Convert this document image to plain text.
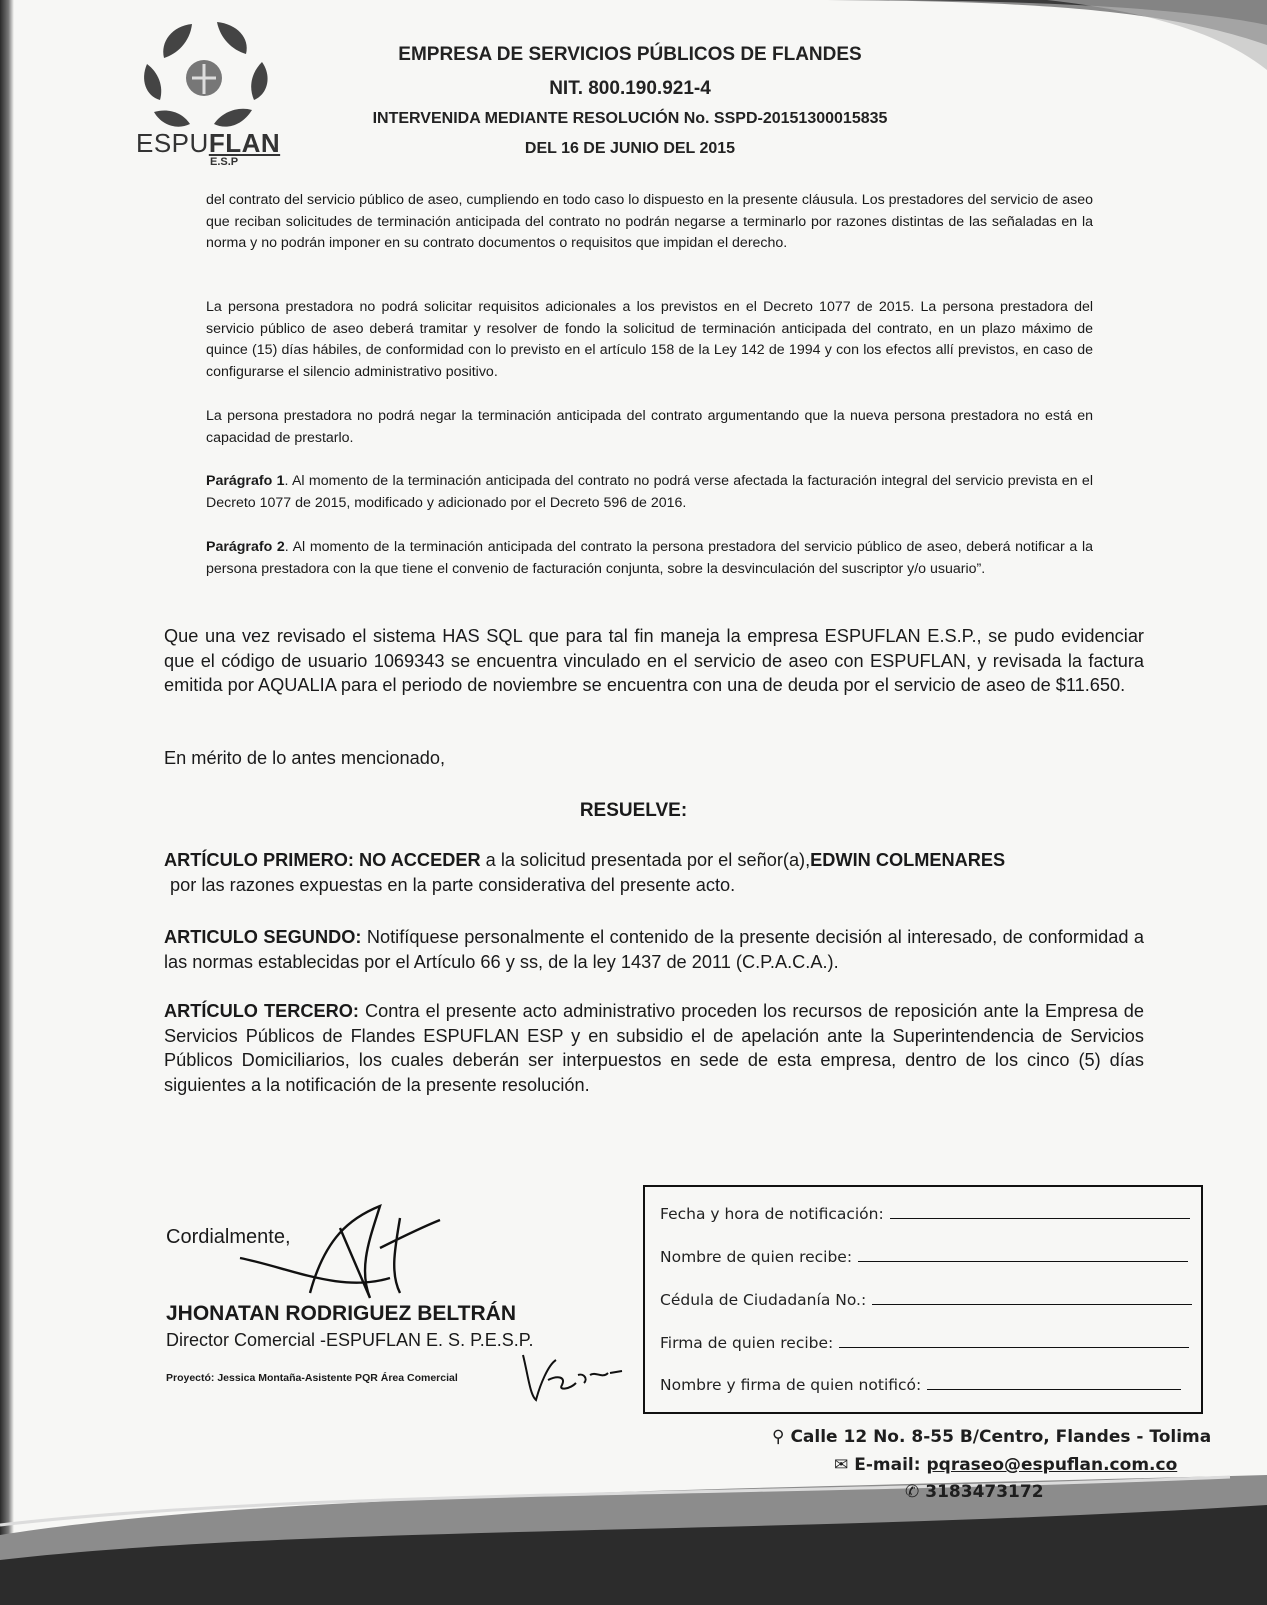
ESPUFLAN
E.S.P
EMPRESA DE SERVICIOS PÚBLICOS DE FLANDES
NIT. 800.190.921-4
INTERVENIDA MEDIANTE RESOLUCIÓN No. SSPD-20151300015835
DEL 16 DE JUNIO DEL 2015
del contrato del servicio público de aseo, cumpliendo en todo caso lo dispuesto en la presente cláusula. Los prestadores del servicio de aseo que reciban solicitudes de terminación anticipada del contrato no podrán negarse a terminarlo por razones distintas de las señaladas en la norma y no podrán imponer en su contrato documentos o requisitos que impidan el derecho.
La persona prestadora no podrá solicitar requisitos adicionales a los previstos en el Decreto 1077 de 2015. La persona prestadora del servicio público de aseo deberá tramitar y resolver de fondo la solicitud de terminación anticipada del contrato, en un plazo máximo de quince (15) días hábiles, de conformidad con lo previsto en el artículo 158 de la Ley 142 de 1994 y con los efectos allí previstos, en caso de configurarse el silencio administrativo positivo.
La persona prestadora no podrá negar la terminación anticipada del contrato argumentando que la nueva persona prestadora no está en capacidad de prestarlo.
Parágrafo 1. Al momento de la terminación anticipada del contrato no podrá verse afectada la facturación integral del servicio prevista en el Decreto 1077 de 2015, modificado y adicionado por el Decreto 596 de 2016.
Parágrafo 2. Al momento de la terminación anticipada del contrato la persona prestadora del servicio público de aseo, deberá notificar a la persona prestadora con la que tiene el convenio de facturación conjunta, sobre la desvinculación del suscriptor y/o usuario”.
Que una vez revisado el sistema HAS SQL que para tal fin maneja la empresa ESPUFLAN E.S.P., se pudo evidenciar que el código de usuario 1069343 se encuentra vinculado en el servicio de aseo con ESPUFLAN, y revisada la factura emitida por AQUALIA para el periodo de noviembre se encuentra con una de deuda por el servicio de aseo de $11.650.
En mérito de lo antes mencionado,
RESUELVE:
ARTÍCULO PRIMERO: NO ACCEDER a la solicitud presentada por el señor(a),EDWIN COLMENARES
por las razones expuestas en la parte considerativa del presente acto.
ARTICULO SEGUNDO: Notifíquese personalmente el contenido de la presente decisión al interesado, de conformidad a las normas establecidas por el Artículo 66 y ss, de la ley 1437 de 2011 (C.P.A.C.A.).
ARTÍCULO TERCERO: Contra el presente acto administrativo proceden los recursos de reposición ante la Empresa de Servicios Públicos de Flandes ESPUFLAN ESP y en subsidio el de apelación ante la Superintendencia de Servicios Públicos Domiciliarios, los cuales deberán ser interpuestos en sede de esta empresa, dentro de los cinco (5) días siguientes a la notificación de la presente resolución.
Cordialmente,
JHONATAN RODRIGUEZ BELTRÁN
Director Comercial -ESPUFLAN E. S. P.E.S.P.
Proyectó: Jessica Montaña-Asistente PQR Área Comercial
Fecha y hora de notificación:
Nombre de quien recibe:
Cédula de Ciudadanía No.:
Firma de quien recibe:
Nombre y firma de quien notificó:
⚲ Calle 12 No. 8-55 B/Centro, Flandes - Tolima
✉ E-mail: pqraseo@espuflan.com.co
✆ 3183473172
